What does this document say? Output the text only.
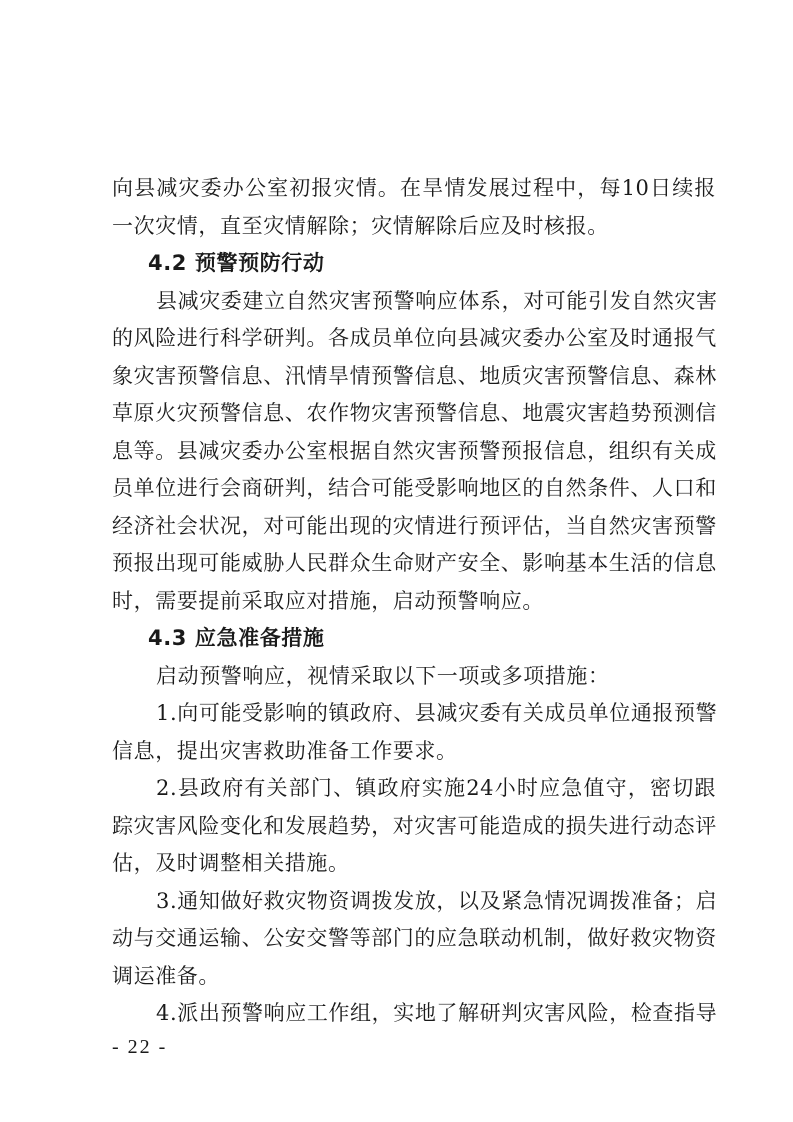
向县减灾委办公室初报灾情。在旱情发展过程中，每10日续报
一次灾情，直至灾情解除；灾情解除后应及时核报。
4.2 预警预防行动
县减灾委建立自然灾害预警响应体系，对可能引发自然灾害
的风险进行科学研判。各成员单位向县减灾委办公室及时通报气
象灾害预警信息、汛情旱情预警信息、地质灾害预警信息、森林
草原火灾预警信息、农作物灾害预警信息、地震灾害趋势预测信
息等。县减灾委办公室根据自然灾害预警预报信息，组织有关成
员单位进行会商研判，结合可能受影响地区的自然条件、人口和
经济社会状况，对可能出现的灾情进行预评估，当自然灾害预警
预报出现可能威胁人民群众生命财产安全、影响基本生活的信息
时，需要提前采取应对措施，启动预警响应。
4.3 应急准备措施
启动预警响应，视情采取以下一项或多项措施：
1.向可能受影响的镇政府、县减灾委有关成员单位通报预警
信息，提出灾害救助准备工作要求。
2.县政府有关部门、镇政府实施24小时应急值守，密切跟
踪灾害风险变化和发展趋势，对灾害可能造成的损失进行动态评
估，及时调整相关措施。
3.通知做好救灾物资调拨发放，以及紧急情况调拨准备；启
动与交通运输、公安交警等部门的应急联动机制，做好救灾物资
调运准备。
4.派出预警响应工作组，实地了解研判灾害风险，检查指导
- 22 -
